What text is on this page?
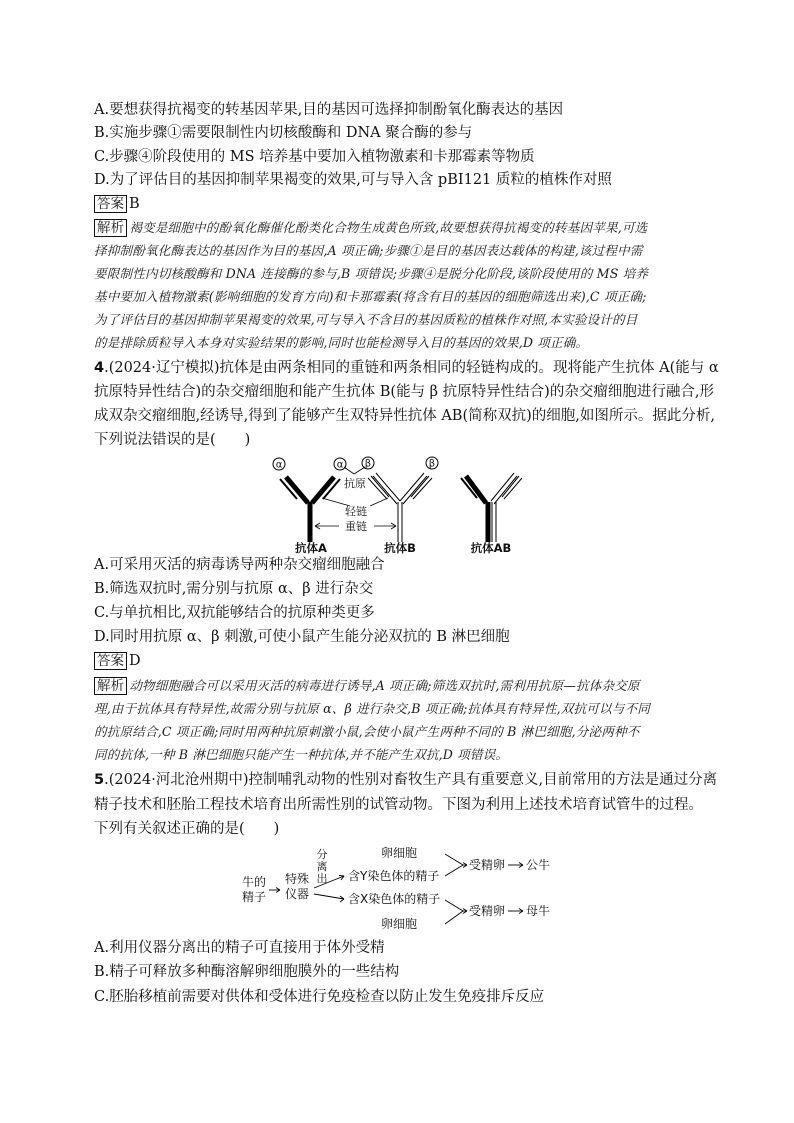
A.要想获得抗褐变的转基因苹果,目的基因可选择抑制酚氧化酶表达的基因
B.实施步骤①需要限制性内切核酸酶和 DNA 聚合酶的参与
C.步骤④阶段使用的 MS 培养基中要加入植物激素和卡那霉素等物质
D.为了评估目的基因抑制苹果褐变的效果,可与导入含 pBI121 质粒的植株作对照
答案 B
解析 褐变是细胞中的酚氧化酶催化酚类化合物生成黄色所致,故要想获得抗褐变的转基因苹果,可选
择抑制酚氧化酶表达的基因作为目的基因,A 项正确;步骤①是目的基因表达载体的构建,该过程中需
要限制性内切核酸酶和 DNA 连接酶的参与,B 项错误;步骤④是脱分化阶段,该阶段使用的 MS 培养
基中要加入植物激素(影响细胞的发育方向)和卡那霉素(将含有目的基因的细胞筛选出来),C 项正确;
为了评估目的基因抑制苹果褐变的效果,可与导入不含目的基因质粒的植株作对照,本实验设计的目
的是排除质粒导入本身对实验结果的影响,同时也能检测导入目的基因的效果,D 项正确。
4.(2024·辽宁模拟)抗体是由两条相同的重链和两条相同的轻链构成的。现将能产生抗体 A(能与 α
抗原特异性结合)的杂交瘤细胞和能产生抗体 B(能与 β 抗原特异性结合)的杂交瘤细胞进行融合,形
成双杂交瘤细胞,经诱导,得到了能够产生双特异性抗体 AB(简称双抗)的细胞,如图所示。据此分析,
下列说法错误的是(　　)
α	α β	β
抗原
轻链
重链
抗体A	抗体B	抗体AB
A.可采用灭活的病毒诱导两种杂交瘤细胞融合
B.筛选双抗时,需分别与抗原 α、β 进行杂交
C.与单抗相比,双抗能够结合的抗原种类更多
D.同时用抗原 α、β 刺激,可使小鼠产生能分泌双抗的 B 淋巴细胞
答案 D
解析 动物细胞融合可以采用灭活的病毒进行诱导,A 项正确;筛选双抗时,需利用抗原—抗体杂交原
理,由于抗体具有特异性,故需分别与抗原 α、β 进行杂交,B 项正确;抗体具有特异性,双抗可以与不同
的抗原结合,C 项正确;同时用两种抗原刺激小鼠,会使小鼠产生两种不同的 B 淋巴细胞,分泌两种不
同的抗体,一种 B 淋巴细胞只能产生一种抗体,并不能产生双抗,D 项错误。
5.(2024·河北沧州期中)控制哺乳动物的性别对畜牧生产具有重要意义,目前常用的方法是通过分离
精子技术和胚胎工程技术培育出所需性别的试管动物。下图为利用上述技术培育试管牛的过程。
下列有关叙述正确的是(　　)
牛的
精子
特殊
仪器
分
离
出 含Y染色体的精子
含X染色体的精子
卵细胞
卵细胞
受精卵
受精卵
公牛
母牛
A.利用仪器分离出的精子可直接用于体外受精
B.精子可释放多种酶溶解卵细胞膜外的一些结构
C.胚胎移植前需要对供体和受体进行免疫检查以防止发生免疫排斥反应
